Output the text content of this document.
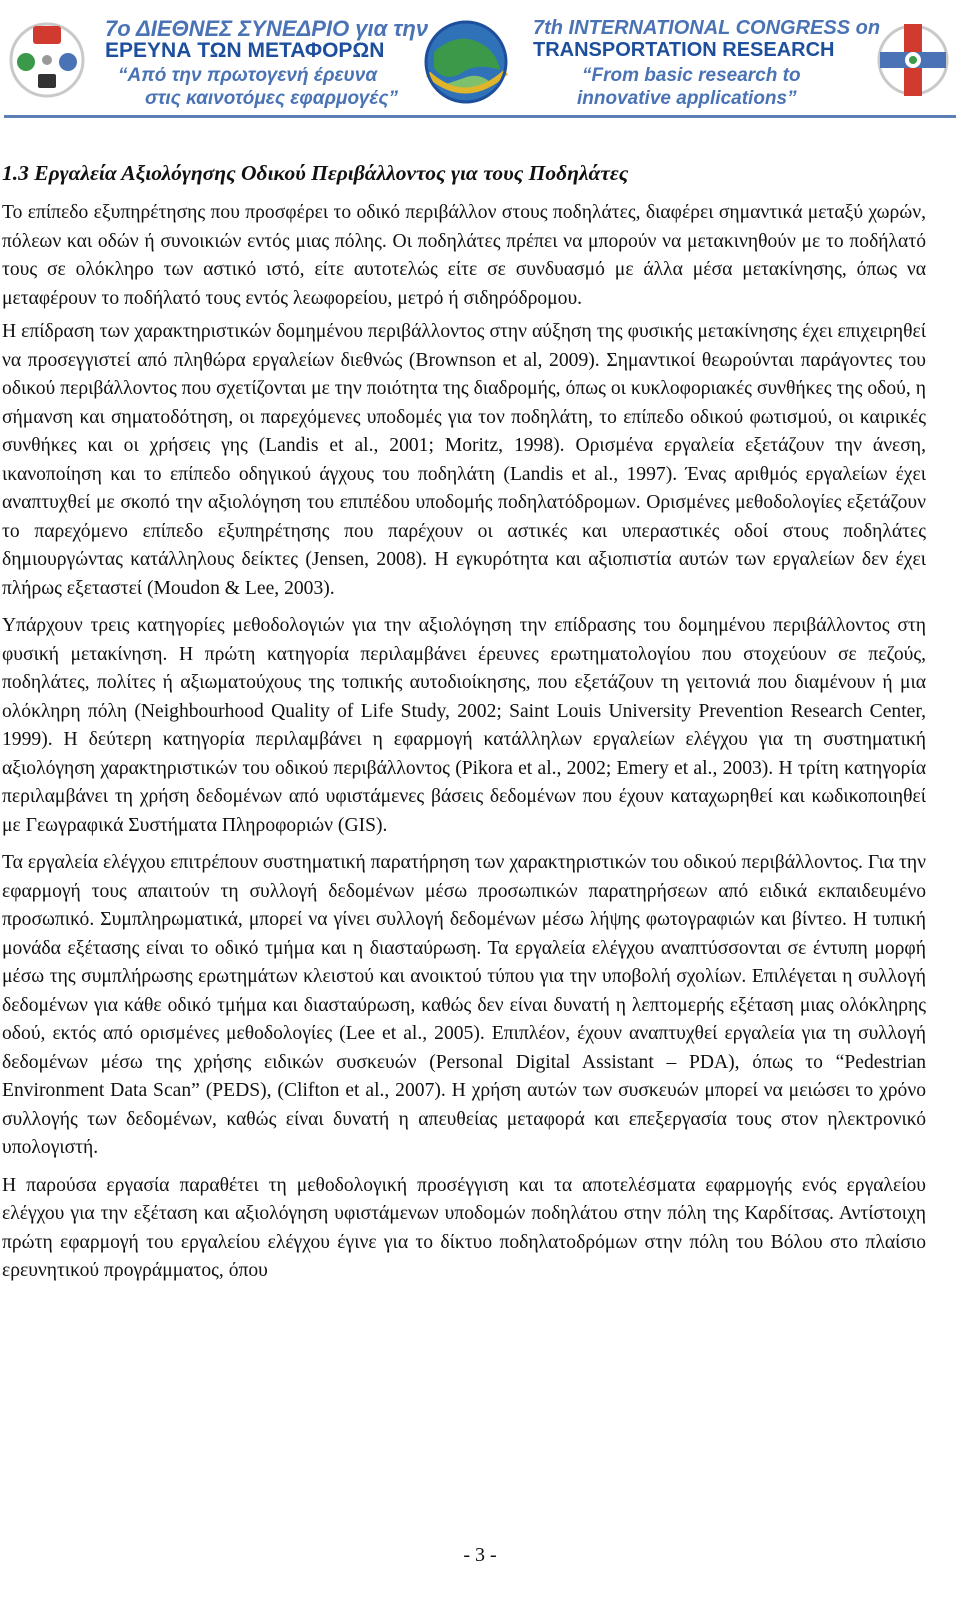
7ο ΔΙΕΘΝΕΣ ΣΥΝΕΔΡΙΟ για την
ΕΡΕΥΝΑ ΤΩΝ ΜΕΤΑΦΟΡΩΝ
“Από την πρωτογενή έρευνα
στις καινοτόμες εφαρμογές”
7th INTERNATIONAL CONGRESS on
TRANSPORTATION RESEARCH
“From basic research to
innovative applications”
1.3 Εργαλεία Αξιολόγησης Οδικού Περιβάλλοντος για τους Ποδηλάτες

Το επίπεδο εξυπηρέτησης που προσφέρει το οδικό περιβάλλον στους ποδηλάτες, διαφέρει σημαντικά μεταξύ χωρών, πόλεων και οδών ή συνοικιών εντός μιας πόλης. Οι ποδηλάτες πρέπει να μπορούν να μετακινηθούν με το ποδήλατό τους σε ολόκληρο των αστικό ιστό, είτε αυτοτελώς είτε σε συνδυασμό με άλλα μέσα μετακίνησης, όπως να μεταφέρουν το ποδήλατό τους εντός λεωφορείου, μετρό ή σιδηρόδρομου.

Η επίδραση των χαρακτηριστικών δομημένου περιβάλλοντος στην αύξηση της φυσικής μετακίνησης έχει επιχειρηθεί να προσεγγιστεί από πληθώρα εργαλείων διεθνώς (Brownson et al, 2009). Σημαντικοί θεωρούνται παράγοντες του οδικού περιβάλλοντος που σχετίζονται με την ποιότητα της διαδρομής, όπως οι κυκλοφοριακές συνθήκες της οδού, η σήμανση και σηματοδότηση, οι παρεχόμενες υποδομές για τον ποδηλάτη, το επίπεδο οδικού φωτισμού, οι καιρικές συνθήκες και οι χρήσεις γης (Landis et al., 2001; Moritz, 1998). Ορισμένα εργαλεία εξετάζουν την άνεση, ικανοποίηση και το επίπεδο οδηγικού άγχους του ποδηλάτη (Landis et al., 1997). Ένας αριθμός εργαλείων έχει αναπτυχθεί με σκοπό την αξιολόγηση του επιπέδου υποδομής ποδηλατόδρομων. Ορισμένες μεθοδολογίες εξετάζουν το παρεχόμενο επίπεδο εξυπηρέτησης που παρέχουν οι αστικές και υπεραστικές οδοί στους ποδηλάτες δημιουργώντας κατάλληλους δείκτες (Jensen, 2008). Η εγκυρότητα και αξιοπιστία αυτών των εργαλείων δεν έχει πλήρως εξεταστεί (Moudon & Lee, 2003).

Υπάρχουν τρεις κατηγορίες μεθοδολογιών για την αξιολόγηση την επίδρασης του δομημένου περιβάλλοντος στη φυσική μετακίνηση. Η πρώτη κατηγορία περιλαμβάνει έρευνες ερωτηματολογίου που στοχεύουν σε πεζούς, ποδηλάτες, πολίτες ή αξιωματούχους της τοπικής αυτοδιοίκησης, που εξετάζουν τη γειτονιά που διαμένουν ή μια ολόκληρη πόλη (Neighbourhood Quality of Life Study, 2002; Saint Louis University Prevention Research Center, 1999). Η δεύτερη κατηγορία περιλαμβάνει η εφαρμογή κατάλληλων εργαλείων ελέγχου για τη συστηματική αξιολόγηση χαρακτηριστικών του οδικού περιβάλλοντος (Pikora et al., 2002; Emery et al., 2003). Η τρίτη κατηγορία περιλαμβάνει τη χρήση δεδομένων από υφιστάμενες βάσεις δεδομένων που έχουν καταχωρηθεί και κωδικοποιηθεί με Γεωγραφικά Συστήματα Πληροφοριών (GIS).

Τα εργαλεία ελέγχου επιτρέπουν συστηματική παρατήρηση των χαρακτηριστικών του οδικού περιβάλλοντος. Για την εφαρμογή τους απαιτούν τη συλλογή δεδομένων μέσω προσωπικών παρατηρήσεων από ειδικά εκπαιδευμένο προσωπικό. Συμπληρωματικά, μπορεί να γίνει συλλογή δεδομένων μέσω λήψης φωτογραφιών και βίντεο. Η τυπική μονάδα εξέτασης είναι το οδικό τμήμα και η διασταύρωση. Τα εργαλεία ελέγχου αναπτύσσονται σε έντυπη μορφή μέσω της συμπλήρωσης ερωτημάτων κλειστού και ανοικτού τύπου για την υποβολή σχολίων. Επιλέγεται η συλλογή δεδομένων για κάθε οδικό τμήμα και διασταύρωση, καθώς δεν είναι δυνατή η λεπτομερής εξέταση μιας ολόκληρης οδού, εκτός από ορισμένες μεθοδολογίες (Lee et al., 2005). Επιπλέον, έχουν αναπτυχθεί εργαλεία για τη συλλογή δεδομένων μέσω της χρήσης ειδικών συσκευών (Personal Digital Assistant – PDA), όπως το “Pedestrian Environment Data Scan” (PEDS), (Clifton et al., 2007). Η χρήση αυτών των συσκευών μπορεί να μειώσει το χρόνο συλλογής των δεδομένων, καθώς είναι δυνατή η απευθείας μεταφορά και επεξεργασία τους στον ηλεκτρονικό υπολογιστή.

Η παρούσα εργασία παραθέτει τη μεθοδολογική προσέγγιση και τα αποτελέσματα εφαρμογής ενός εργαλείου ελέγχου για την εξέταση και αξιολόγηση υφιστάμενων υποδομών ποδηλάτου στην πόλη της Καρδίτσας. Αντίστοιχη πρώτη εφαρμογή του εργαλείου ελέγχου έγινε για το δίκτυο ποδηλατοδρόμων στην πόλη του Βόλου στο πλαίσιο ερευνητικού προγράμματος, όπου

- 3 -
